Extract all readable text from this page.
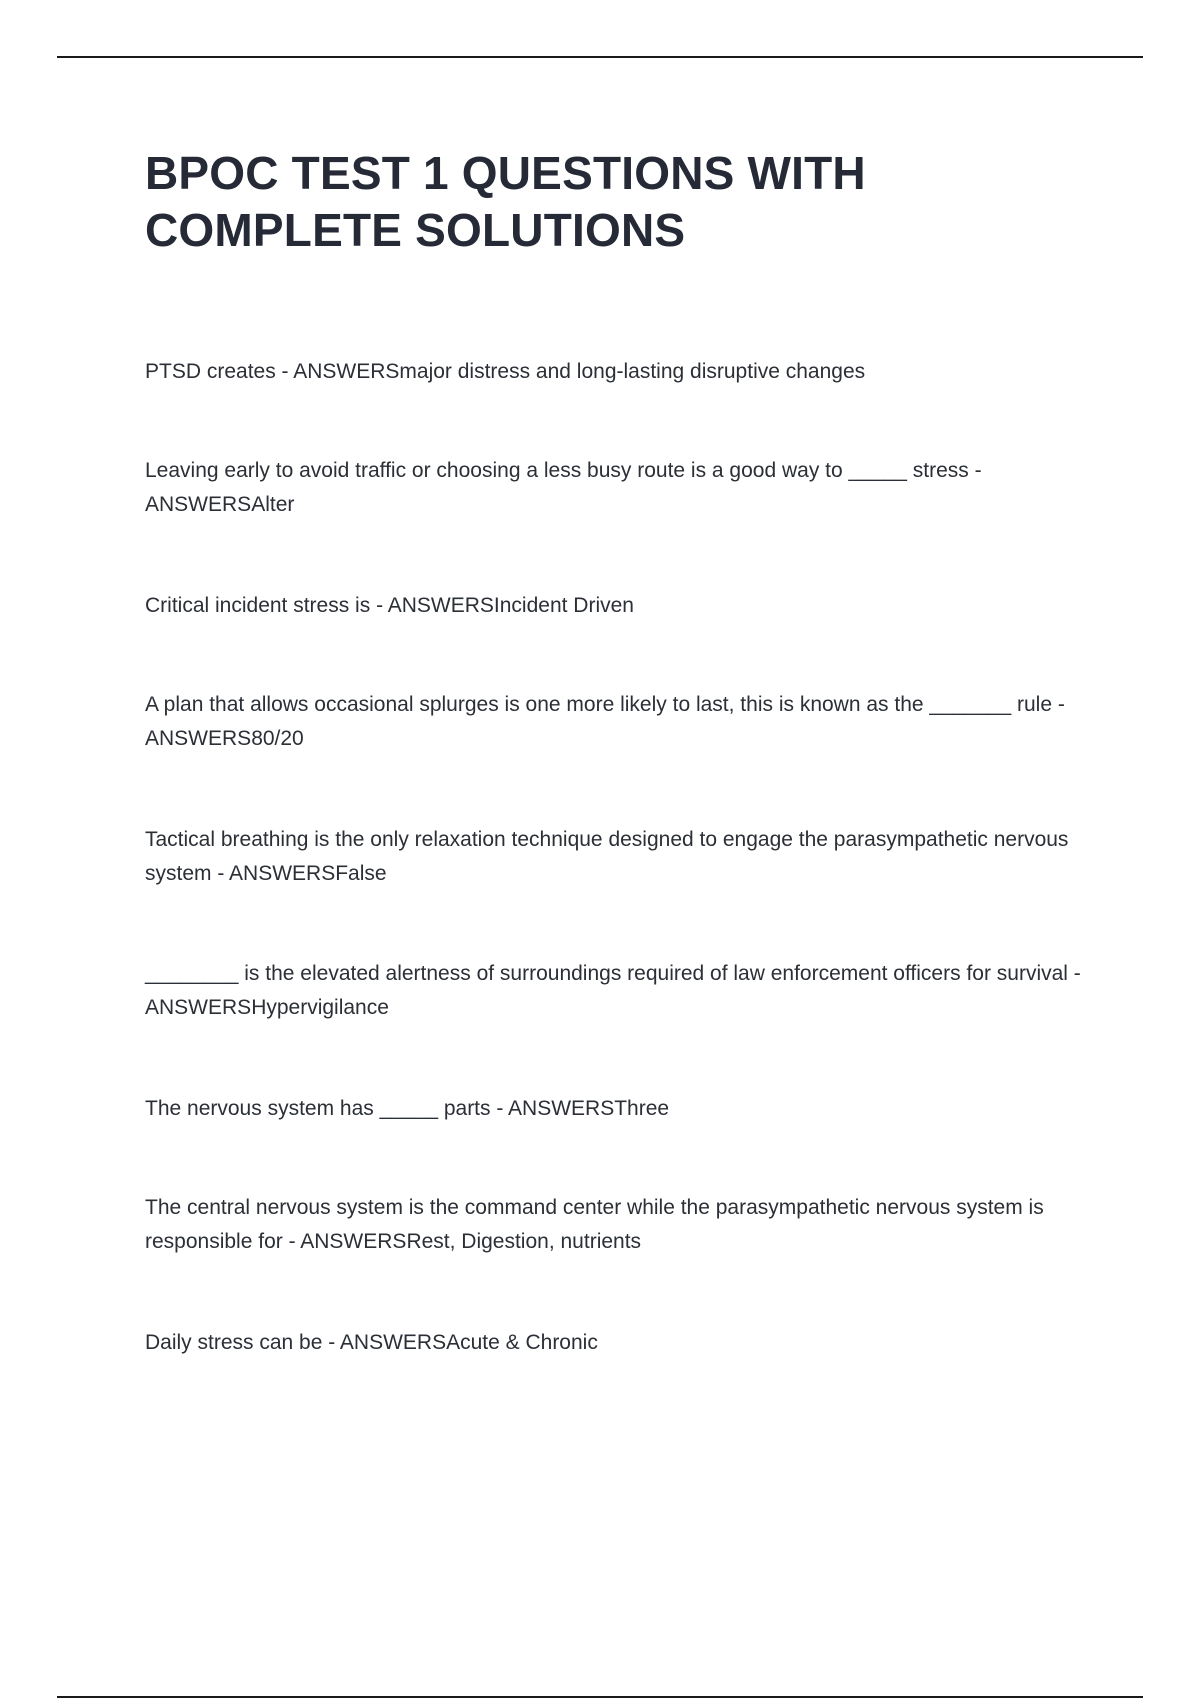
BPOC TEST 1 QUESTIONS WITH COMPLETE SOLUTIONS

PTSD creates - ANSWERSmajor distress and long-lasting disruptive changes

Leaving early to avoid traffic or choosing a less busy route is a good way to _____ stress - ANSWERSAlter

Critical incident stress is - ANSWERSIncident Driven

A plan that allows occasional splurges is one more likely to last, this is known as the _______ rule - ANSWERS80/20

Tactical breathing is the only relaxation technique designed to engage the parasympathetic nervous system - ANSWERSFalse

________ is the elevated alertness of surroundings required of law enforcement officers for survival - ANSWERSHypervigilance

The nervous system has _____ parts - ANSWERSThree

The central nervous system is the command center while the parasympathetic nervous system is responsible for - ANSWERSRest, Digestion, nutrients

Daily stress can be - ANSWERSAcute & Chronic
